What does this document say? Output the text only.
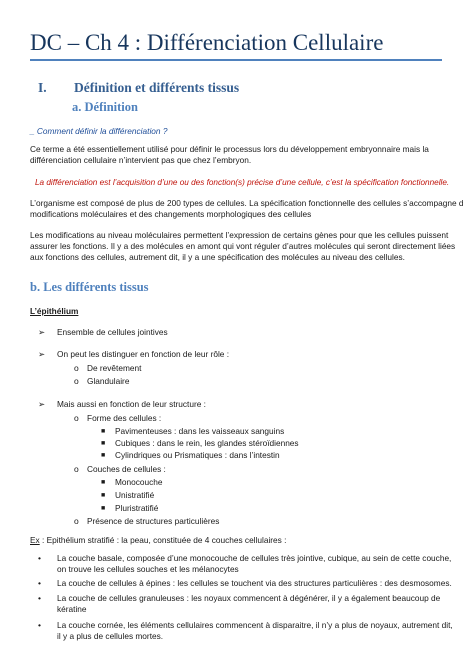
DC – Ch 4 : Différenciation Cellulaire
I. Définition et différents tissus
a. Définition
_ Comment définir la différenciation ?
Ce terme a été essentiellement utilisé pour définir le processus lors du développement embryonnaire mais la
différenciation cellulaire n’intervient pas que chez l’embryon.
La différenciation est l’acquisition d’une ou des fonction(s) précise d’une cellule, c’est la spécification fonctionnelle.
L’organisme est composé de plus de 200 types de cellules. La spécification fonctionnelle des cellules s’accompagne d
modifications moléculaires et des changements morphologiques des cellules
Les modifications au niveau moléculaires permettent l’expression de certains gènes pour que les cellules puissent
assurer les fonctions. Il y a des molécules en amont qui vont réguler d’autres molécules qui seront directement liées
aux fonctions des cellules, autrement dit, il y a une spécification des molécules au niveau des cellules.
b. Les différents tissus
L’épithélium
➢ Ensemble de cellules jointives
➢ On peut les distinguer en fonction de leur rôle :
o De revêtement
o Glandulaire
➢ Mais aussi en fonction de leur structure :
o Forme des cellules :
■ Pavimenteuses : dans les vaisseaux sanguins
■ Cubiques : dans le rein, les glandes stéroïdiennes
■ Cylindriques ou Prismatiques : dans l’intestin
o Couches de cellules :
■ Monocouche
■ Unistratifié
■ Pluristratifié
o Présence de structures particulières
Ex : Epithélium stratifié : la peau, constituée de 4 couches cellulaires :
• La couche basale, composée d’une monocouche de cellules très jointive, cubique, au sein de cette couche,
on trouve les cellules souches et les mélanocytes
• La couche de cellules à épines : les cellules se touchent via des structures particulières : des desmosomes.
• La couche de cellules granuleuses : les noyaux commencent à dégénérer, il y a également beaucoup de
kératine
• La couche cornée, les éléments cellulaires commencent à disparaitre, il n’y a plus de noyaux, autrement dit,
il y a plus de cellules mortes.
